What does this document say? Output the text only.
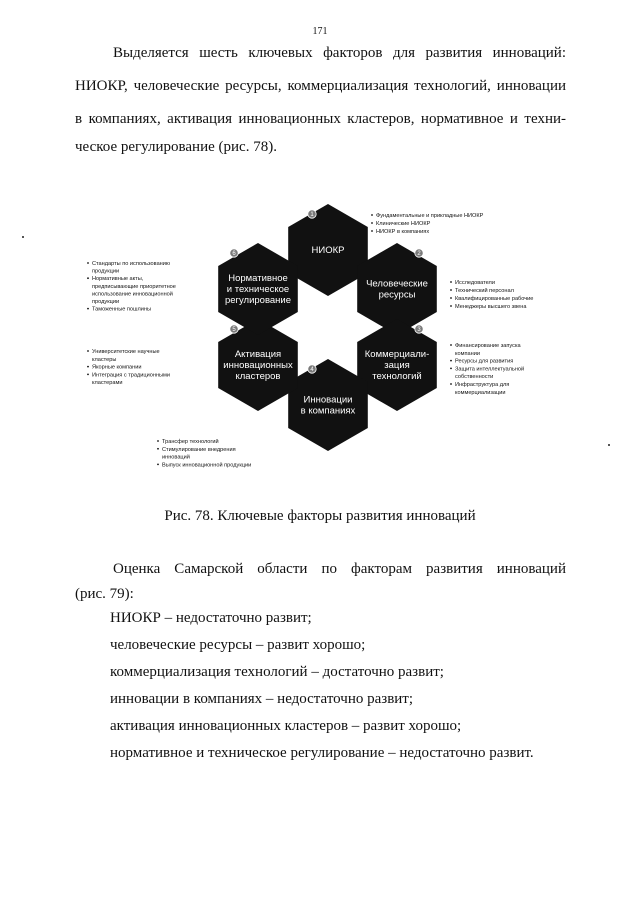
171
Выделяется шесть ключевых факторов для развития инноваций:
НИОКР, человеческие ресурсы, коммерциализация технологий, инновации
в компаниях, активация инновационных кластеров, нормативное и техни-
ческое регулирование (рис. 78).
НИОКР
1	Фундаментальные и прикладные НИОКР
Клинические НИОКР
НИОКР в компаниях
Человеческие
ресурсы
2
Исследователи
Технический персонал
Квалифицированные рабочие
Менеджеры высшего звена
Коммерциали-
зация
технологий
3
Финансирование запуска
компании
Ресурсы для развития
Защита интеллектуальной
собственности
Инфраструктура для
коммерциализации
Инновации
в компаниях
4
Трансфер технологий
Стимулирование внедрения
инноваций
Выпуск инновационной продукции
Активация
инновационных
кластеров
5
Университетские научные
кластеры
Якорные компании
Интеграция с традиционными
кластерами
Нормативное
и техническое
регулирование
6
Стандарты по использованию
продукции
Нормативные акты,
предписывающие приоритетное
использование инновационной
продукции
Таможенные пошлины
Рис. 78. Ключевые факторы развития инноваций
Оценка Самарской области по факторам развития инноваций
(рис. 79):
НИОКР – недостаточно развит;
человеческие ресурсы – развит хорошо;
коммерциализация технологий – достаточно развит;
инновации в компаниях – недостаточно развит;
активация инновационных кластеров – развит хорошо;
нормативное и техническое регулирование – недостаточно развит.
